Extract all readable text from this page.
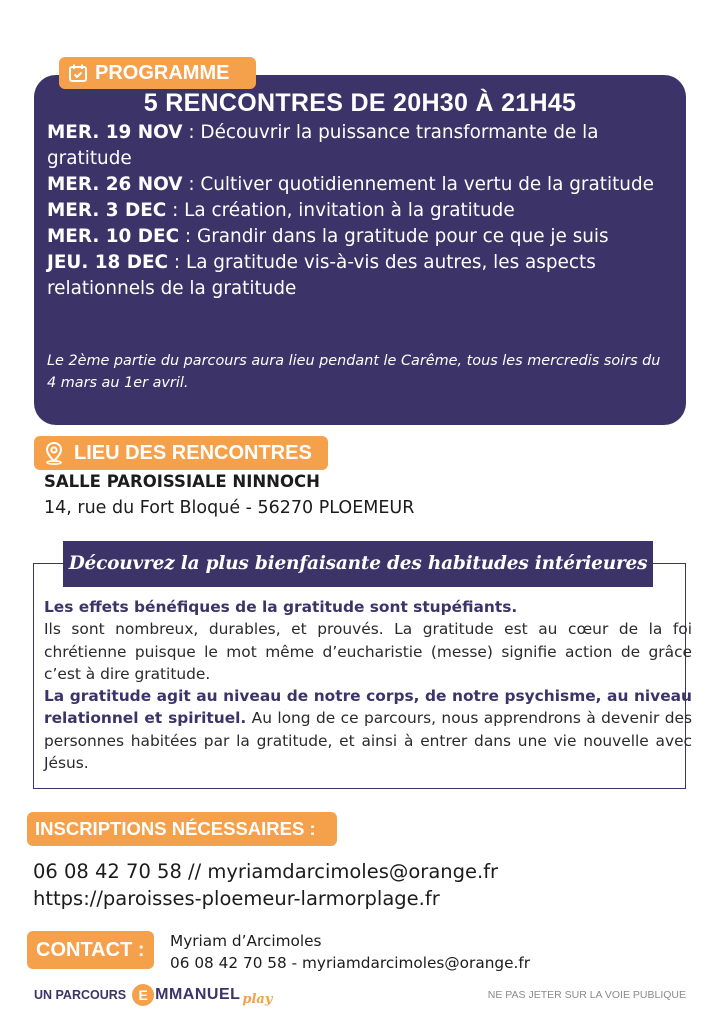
5 RENCONTRES DE 20H30 À 21H45
MER. 19 NOV : Découvrir la puissance transformante de la gratitude
MER. 26 NOV : Cultiver quotidiennement la vertu de la gratitude
MER. 3 DEC : La création, invitation à la gratitude
MER. 10 DEC : Grandir dans la gratitude pour ce que je suis
JEU. 18 DEC : La gratitude vis-à-vis des autres, les aspects relationnels de la gratitude
Le 2ème partie du parcours aura lieu pendant le Carême, tous les mercredis soirs du 4 mars au 1er avril.
PROGRAMME
LIEU DES RENCONTRES
SALLE PAROISSIALE NINNOCH
14, rue du Fort Bloqué - 56270 PLOEMEUR
Découvrez la plus bienfaisante des habitudes intérieures
Les effets bénéfiques de la gratitude sont stupéfiants.
Ils sont nombreux, durables, et prouvés. La gratitude est au cœur de la foi chrétienne puisque le mot même d’eucharistie (messe) signifie action de grâce c’est à dire gratitude.
La gratitude agit au niveau de notre corps, de notre psychisme, au niveau relationnel et spirituel. Au long de ce parcours, nous apprendrons à devenir des personnes habitées par la gratitude, et ainsi à entrer dans une vie nouvelle avec Jésus.
INSCRIPTIONS NÉCESSAIRES :
06 08 42 70 58 // myriamdarcimoles@orange.fr
https://paroisses-ploemeur-larmorplage.fr
CONTACT :	Myriam d’Arcimoles
06 08 42 70 58 - myriamdarcimoles@orange.fr
UN PARCOURS E MMANUEL play	NE PAS JETER SUR LA VOIE PUBLIQUE
